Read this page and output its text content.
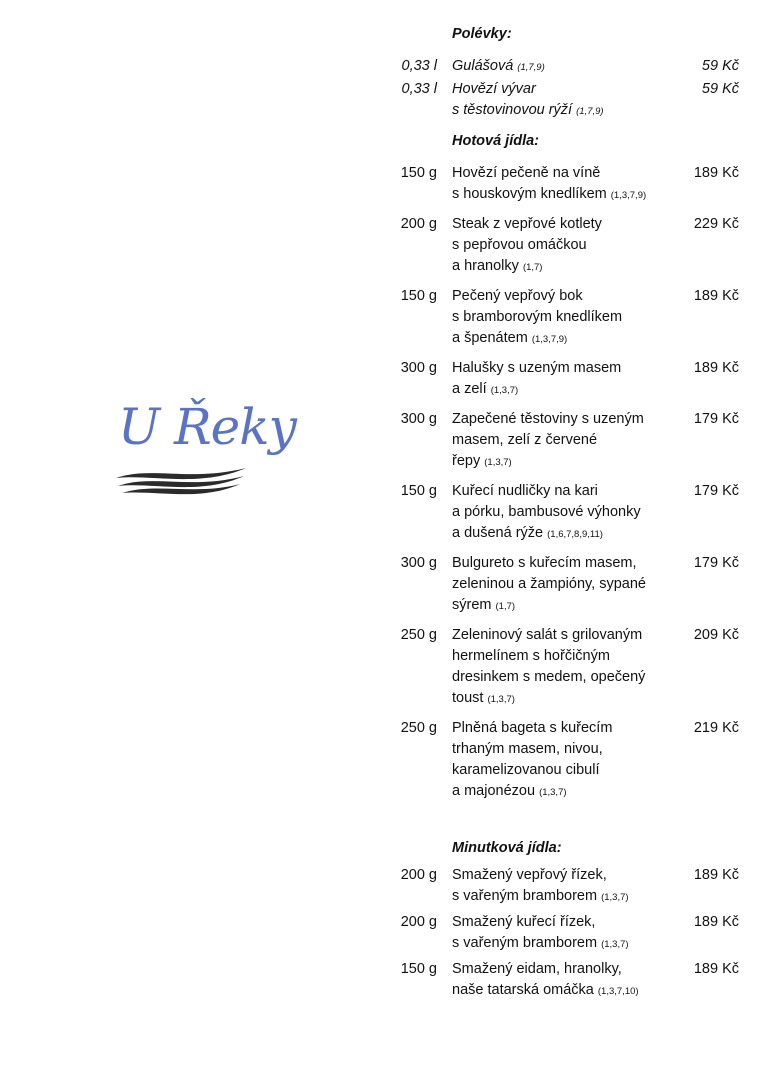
U Řeky
Polévky:
0,33 l Gulášová (1,7,9)	59 Kč
0,33 l Hovězí vývar
s těstovinovou rýží (1,7,9)
59 Kč
Hotová jídla:
150 g Hovězí pečeně na víně
s houskovým knedlíkem (1,3,7,9)
189 Kč
200 g Steak z vepřové kotlety
s pepřovou omáčkou
a hranolky (1,7)
229 Kč
150 g Pečený vepřový bok
s bramborovým knedlíkem
a špenátem (1,3,7,9)
189 Kč
300 g Halušky s uzeným masem
a zelí (1,3,7)
189 Kč
300 g Zapečené těstoviny s uzeným
masem, zelí z červené
řepy (1,3,7)
179 Kč
150 g Kuřecí nudličky na kari
a pórku, bambusové výhonky
a dušená rýže (1,6,7,8,9,11)
179 Kč
300 g Bulgureto s kuřecím masem,
zeleninou a žampióny, sypané
sýrem (1,7)
179 Kč
250 g Zeleninový salát s grilovaným
hermelínem s hořčičným
dresinkem s medem, opečený
toust (1,3,7)
209 Kč
250 g Plněná bageta s kuřecím
trhaným masem, nivou,
karamelizovanou cibulí
a majonézou (1,3,7)
219 Kč
Minutková jídla:
200 g Smažený vepřový řízek,
s vařeným bramborem (1,3,7)
189 Kč
200 g Smažený kuřecí řízek,
s vařeným bramborem (1,3,7)
189 Kč
150 g Smažený eidam, hranolky,
naše tatarská omáčka (1,3,7,10)
189 Kč
